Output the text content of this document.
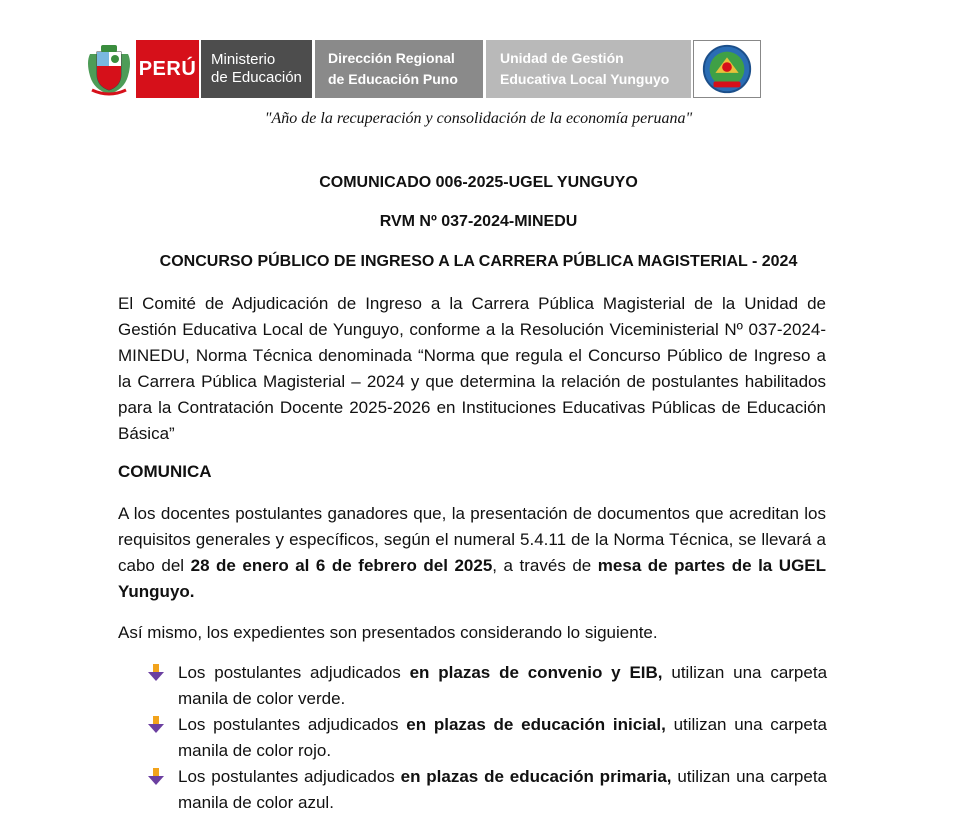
PERÚ Ministerio
de Educación
Dirección Regional
de Educación Puno
Unidad de Gestión
Educativa Local Yunguyo
"Año de la recuperación y consolidación de la economía peruana"
COMUNICADO 006-2025-UGEL YUNGUYO
RVM Nº 037-2024-MINEDU
CONCURSO PÚBLICO DE INGRESO A LA CARRERA PÚBLICA MAGISTERIAL - 2024
El Comité de Adjudicación de Ingreso a la Carrera Pública Magisterial de la Unidad de Gestión Educativa Local de Yunguyo, conforme a la Resolución Viceministerial Nº 037-2024-MINEDU, Norma Técnica denominada “Norma que regula el Concurso Público de Ingreso a la Carrera Pública Magisterial – 2024 y que determina la relación de postulantes habilitados para la Contratación Docente 2025-2026 en Instituciones Educativas Públicas de Educación Básica”
COMUNICA
A los docentes postulantes ganadores que, la presentación de documentos que acreditan los requisitos generales y específicos, según el numeral 5.4.11 de la Norma Técnica, se llevará a cabo del 28 de enero al 6 de febrero del 2025, a través de mesa de partes de la UGEL Yunguyo.
Así mismo, los expedientes son presentados considerando lo siguiente.
Los postulantes adjudicados en plazas de convenio y EIB, utilizan una carpeta manila de color verde.
Los postulantes adjudicados en plazas de educación inicial, utilizan una carpeta manila de color rojo.
Los postulantes adjudicados en plazas de educación primaria, utilizan una carpeta manila de color azul.
